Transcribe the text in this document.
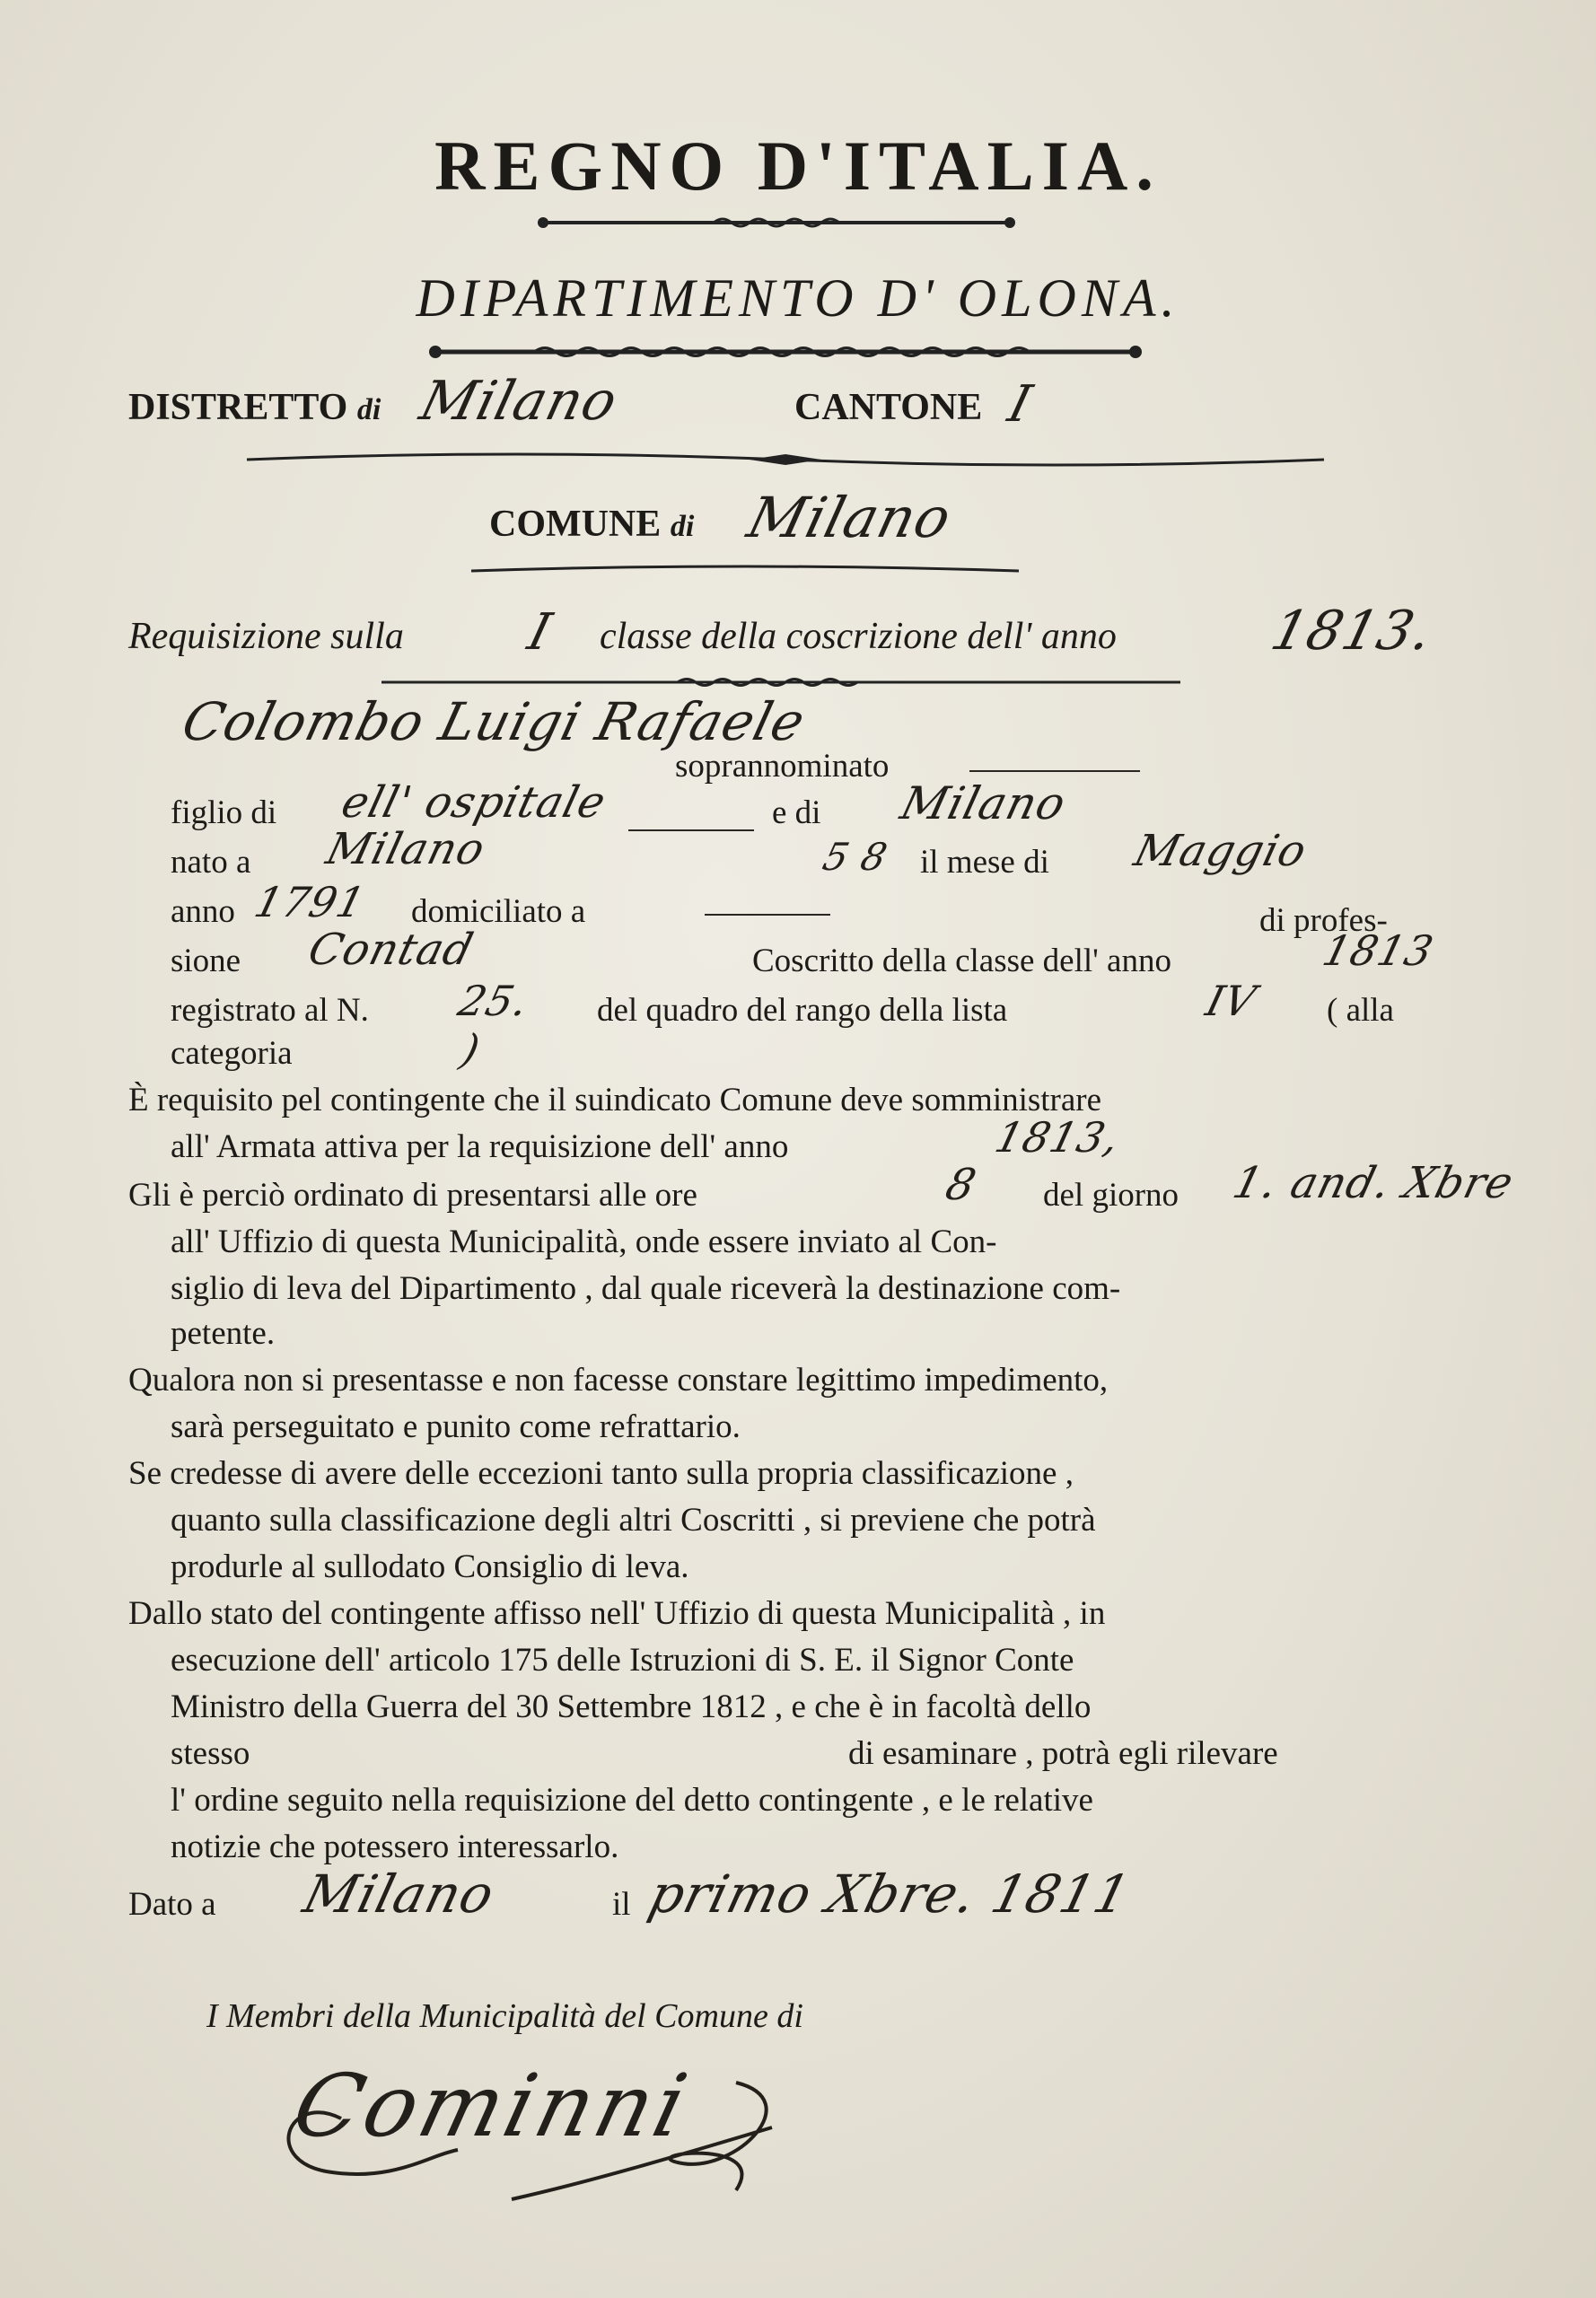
REGNO D'ITALIA.
DIPARTIMENTO D' OLONA.
DISTRETTO di Milano	CANTONE I
COMUNE di Milano
Requisizione sulla I classe della coscrizione dell' anno	1813.
Colombo Luigi Rafaele
soprannominato
figlio di ell' ospitale	e di Milano
nato a Milano	5 8 il mese di Maggio
anno 1791 domiciliato a	di profes-
sione Contad	Coscritto della classe dell' anno	1813
registrato al N. 25. del quadro del rango della lista	IV ( alla
categoria	)
È requisito pel contingente che il suindicato Comune deve somministrare
all' Armata attiva per la requisizione dell' anno	1813,
Gli è perciò ordinato di presentarsi alle ore	8 del giorno 1. and. Xbre
all' Uffizio di questa Municipalità, onde essere inviato al Con-
siglio di leva del Dipartimento , dal quale riceverà la destinazione com-
petente.
Qualora non si presentasse e non facesse constare legittimo impedimento,
sarà perseguitato e punito come refrattario.
Se credesse di avere delle eccezioni tanto sulla propria classificazione ,
quanto sulla classificazione degli altri Coscritti , si previene che potrà
produrle al sullodato Consiglio di leva.
Dallo stato del contingente affisso nell' Uffizio di questa Municipalità , in
esecuzione dell' articolo 175 delle Istruzioni di S. E. il Signor Conte
Ministro della Guerra del 30 Settembre 1812 , e che è in facoltà dello
stesso	di esaminare , potrà egli rilevare
l' ordine seguito nella requisizione del detto contingente , e le relative
notizie che potessero interessarlo.
Dato a Milano	il primo Xbre. 1811
I Membri della Municipalità del Comune di
Cominni
